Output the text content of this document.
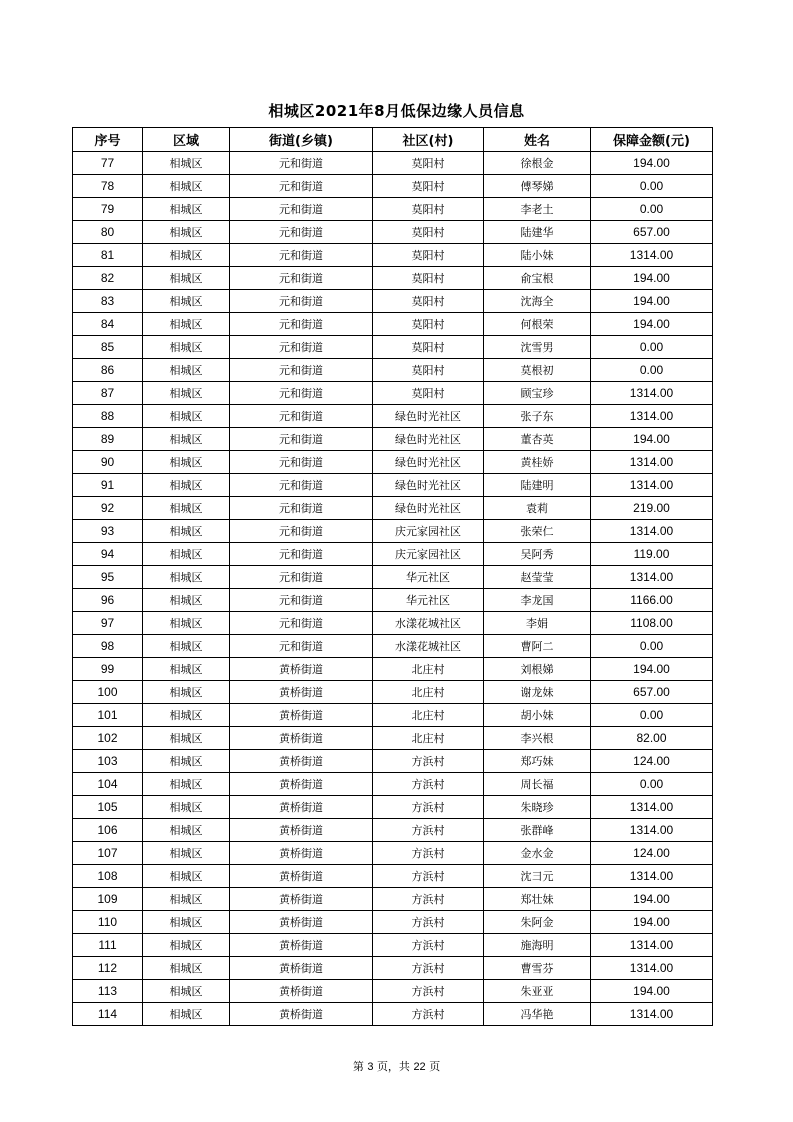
相城区2021年8月低保边缘人员信息
序号	区域	街道(乡镇)	社区(村)	姓名	保障金额(元)
77	相城区	元和街道	莫阳村	徐根金	194.00
78	相城区	元和街道	莫阳村	傅琴娣	0.00
79	相城区	元和街道	莫阳村	李老土	0.00
80	相城区	元和街道	莫阳村	陆建华	657.00
81	相城区	元和街道	莫阳村	陆小妹	1314.00
82	相城区	元和街道	莫阳村	俞宝根	194.00
83	相城区	元和街道	莫阳村	沈海全	194.00
84	相城区	元和街道	莫阳村	何根荣	194.00
85	相城区	元和街道	莫阳村	沈雪男	0.00
86	相城区	元和街道	莫阳村	莫根初	0.00
87	相城区	元和街道	莫阳村	顾宝珍	1314.00
88	相城区	元和街道	绿色时光社区	张子东	1314.00
89	相城区	元和街道	绿色时光社区	董杏英	194.00
90	相城区	元和街道	绿色时光社区	黄桂娇	1314.00
91	相城区	元和街道	绿色时光社区	陆建明	1314.00
92	相城区	元和街道	绿色时光社区	袁莉	219.00
93	相城区	元和街道	庆元家园社区	张荣仁	1314.00
94	相城区	元和街道	庆元家园社区	吴阿秀	119.00
95	相城区	元和街道	华元社区	赵莹莹	1314.00
96	相城区	元和街道	华元社区	李龙国	1166.00
97	相城区	元和街道	水漾花城社区	李娟	1108.00
98	相城区	元和街道	水漾花城社区	曹阿二	0.00
99	相城区	黄桥街道	北庄村	刘根娣	194.00
100	相城区	黄桥街道	北庄村	谢龙妹	657.00
101	相城区	黄桥街道	北庄村	胡小妹	0.00
102	相城区	黄桥街道	北庄村	李兴根	82.00
103	相城区	黄桥街道	方浜村	郑巧妹	124.00
104	相城区	黄桥街道	方浜村	周长福	0.00
105	相城区	黄桥街道	方浜村	朱晓珍	1314.00
106	相城区	黄桥街道	方浜村	张群峰	1314.00
107	相城区	黄桥街道	方浜村	金水金	124.00
108	相城区	黄桥街道	方浜村	沈彐元	1314.00
109	相城区	黄桥街道	方浜村	郑壮妹	194.00
110	相城区	黄桥街道	方浜村	朱阿金	194.00
111	相城区	黄桥街道	方浜村	施海明	1314.00
112	相城区	黄桥街道	方浜村	曹雪芬	1314.00
113	相城区	黄桥街道	方浜村	朱亚亚	194.00
114	相城区	黄桥街道	方浜村	冯华艳	1314.00
第 3 页，共 22 页
